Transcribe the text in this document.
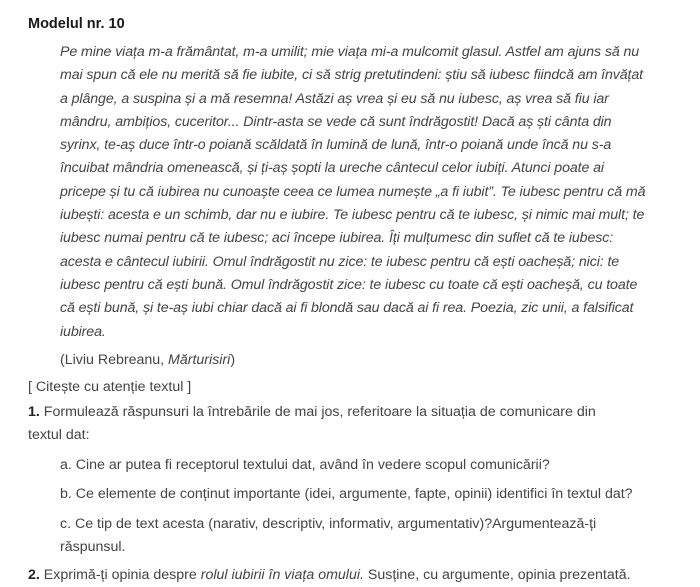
Modelul nr. 10

Pe mine viața m-a frământat, m-a umilit; mie viața mi-a mulcomit glasul. Astfel am ajuns să nu mai spun că ele nu merită să fie iubite, ci să strig pretutindeni: știu să iubesc fiindcă am învățat a plânge, a suspina și a mă resemna! Astăzi aș vrea și eu să nu iubesc, aș vrea să fiu iar mândru, ambițios, cuceritor... Dintr-asta se vede că sunt îndrăgostit! Dacă aș ști cânta din syrinx, te-aș duce într-o poiană scăldată în lumină de lună, într-o poiană unde încă nu s-a încuibat mândria omenească, și ți-aș șopti la ureche cântecul celor iubiți. Atunci poate ai pricepe și tu că iubirea nu cunoaște ceea ce lumea numește „a fi iubit”. Te iubesc pentru că mă iubești: acesta e un schimb, dar nu e iubire. Te iubesc pentru că te iubesc, și nimic mai mult; te iubesc numai pentru că te iubesc; aci începe iubirea. Îți mulțumesc din suflet că te iubesc: acesta e cântecul iubirii. Omul îndrăgostit nu zice: te iubesc pentru că ești oacheșă; nici: te iubesc pentru că ești bună. Omul îndrăgostit zice: te iubesc cu toate că ești oacheșă, cu toate că ești bună, și te-aș iubi chiar dacă ai fi blondă sau dacă ai fi rea. Poezia, zic unii, a falsificat iubirea.

(Liviu Rebreanu, Mărturisiri)
[ Citește cu atenție textul ]
1. Formulează răspunsuri la întrebările de mai jos, referitoare la situația de comunicare din textul dat:
a. Cine ar putea fi receptorul textului dat, având în vedere scopul comunicării?
b. Ce elemente de conținut importante (idei, argumente, fapte, opinii) identifici în textul dat?
c. Ce tip de text acesta (narativ, descriptiv, informativ, argumentativ)?Argumentează-ți răspunsul.
2. Exprimă-ți opinia despre rolul iubirii în viața omului. Susține, cu argumente, opinia prezentată.
